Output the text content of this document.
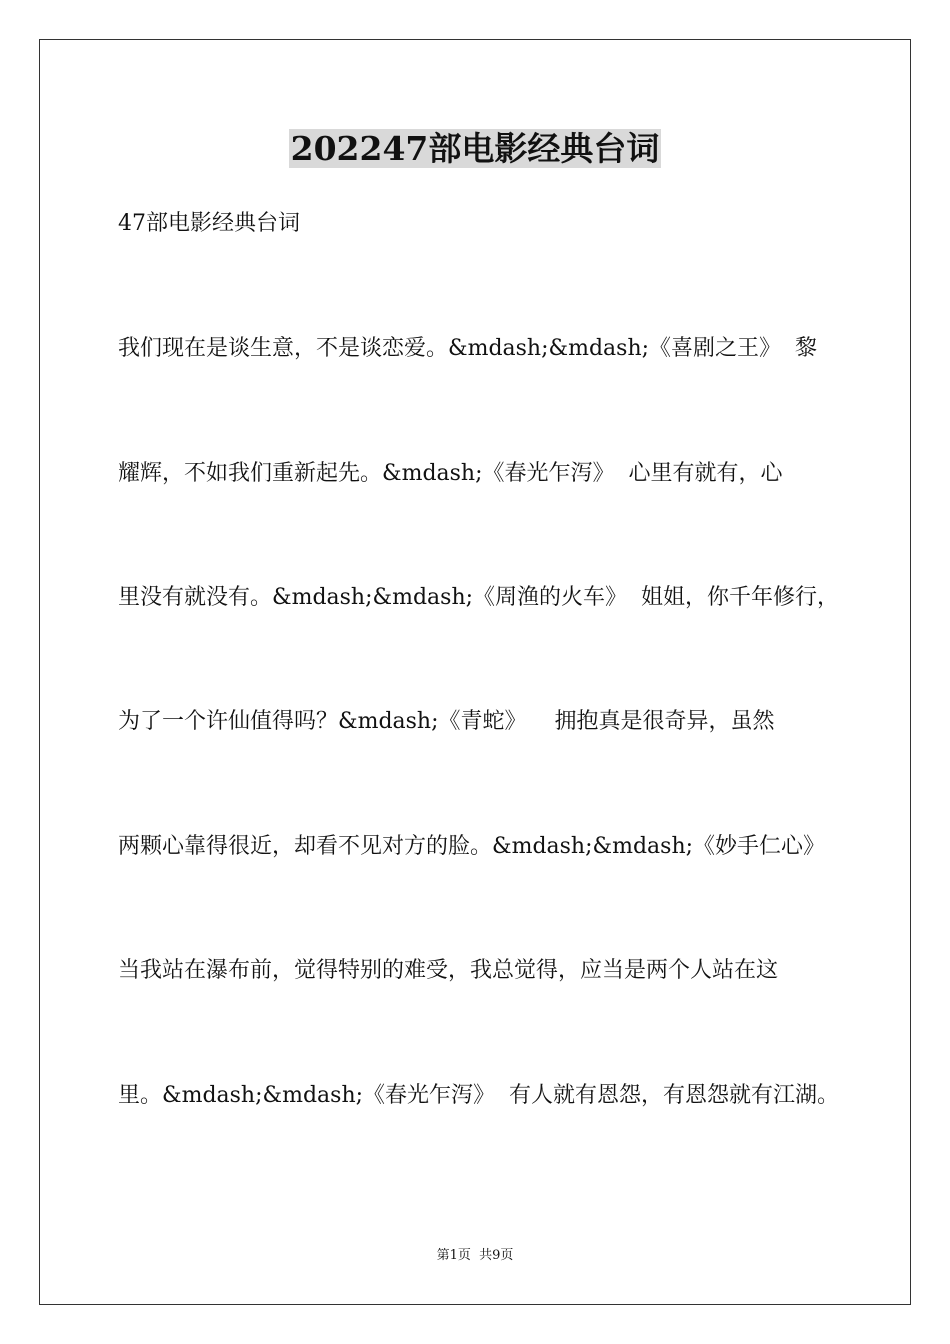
202247部电影经典台词
47部电影经典台词
我们现在是谈生意，不是谈恋爱。&mdash;&mdash;《喜剧之王》  黎
耀辉，不如我们重新起先。&mdash;《春光乍泻》  心里有就有，心
里没有就没有。&mdash;&mdash;《周渔的火车》  姐姐，你千年修行，
为了一个许仙值得吗？&mdash;《青蛇》    拥抱真是很奇异，虽然
两颗心靠得很近，却看不见对方的脸。&mdash;&mdash;《妙手仁心》
当我站在瀑布前，觉得特别的难受，我总觉得，应当是两个人站在这
里。&mdash;&mdash;《春光乍泻》  有人就有恩怨，有恩怨就有江湖。
第1页  共9页
